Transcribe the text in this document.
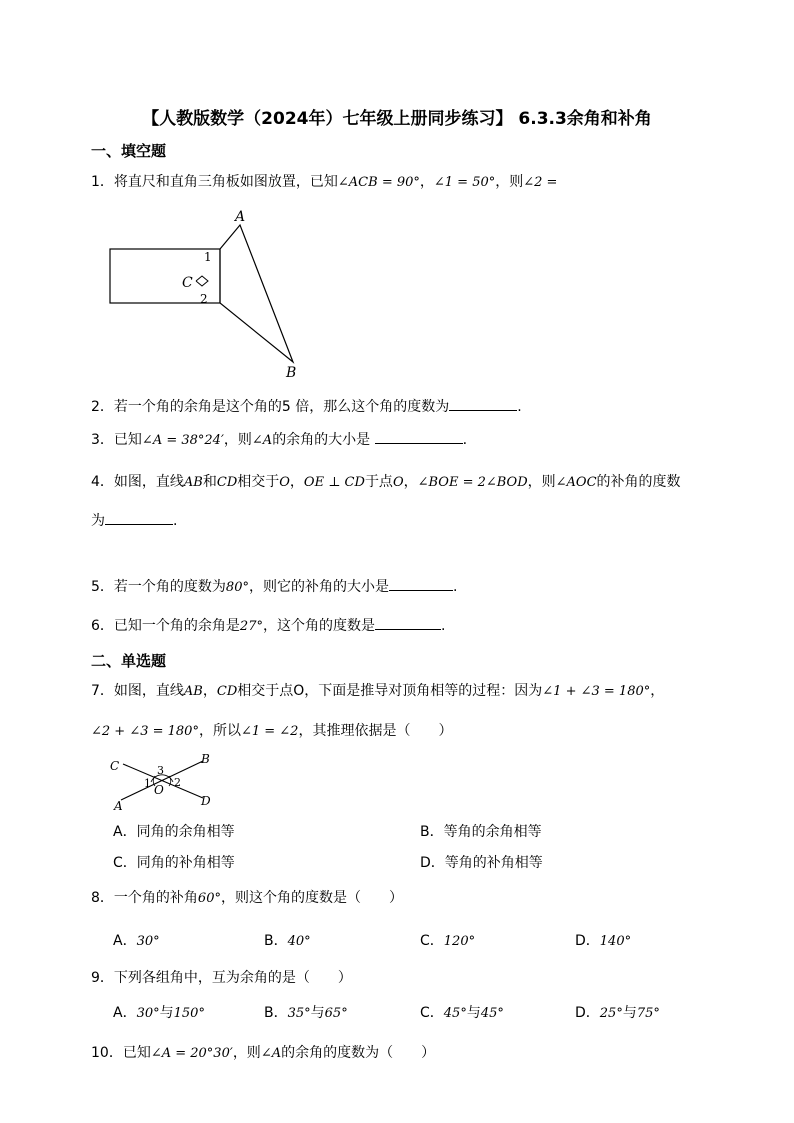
【人教版数学（2024年）七年级上册同步练习】 6.3.3余角和补角
一、填空题
1．将直尺和直角三角板如图放置，已知∠ACB = 90°，∠1 = 50°，则∠2 =
A
B
C
1
2
2．若一个角的余角是这个角的5 倍，那么这个角的度数为	.
3．已知∠A = 38°24′，则∠A的余角的大小是	.
4．如图，直线AB和CD相交于O，OE ⊥ CD于点O，∠BOE = 2∠BOD，则∠AOC的补角的度数
为	.
5．若一个角的度数为80°，则它的补角的大小是	.
6．已知一个角的余角是27°，这个角的度数是	.
二、单选题
7．如图，直线AB，CD相交于点O，下面是推导对顶角相等的过程：因为∠1 + ∠3 = 180°，
∠2 + ∠3 = 180°，所以∠1 = ∠2，其推理依据是（　　）
C	B
A	D
O
3
1 2
A．同角的余角相等	B．等角的余角相等
C．同角的补角相等	D．等角的补角相等
8．一个角的补角60°，则这个角的度数是（　　）
A．30°	B．40°	C．120°	D．140°
9．下列各组角中，互为余角的是（　　）
A．30°与150°	B．35°与65°	C．45°与45°	D．25°与75°
10．已知∠A = 20°30′，则∠A的余角的度数为（　　）
